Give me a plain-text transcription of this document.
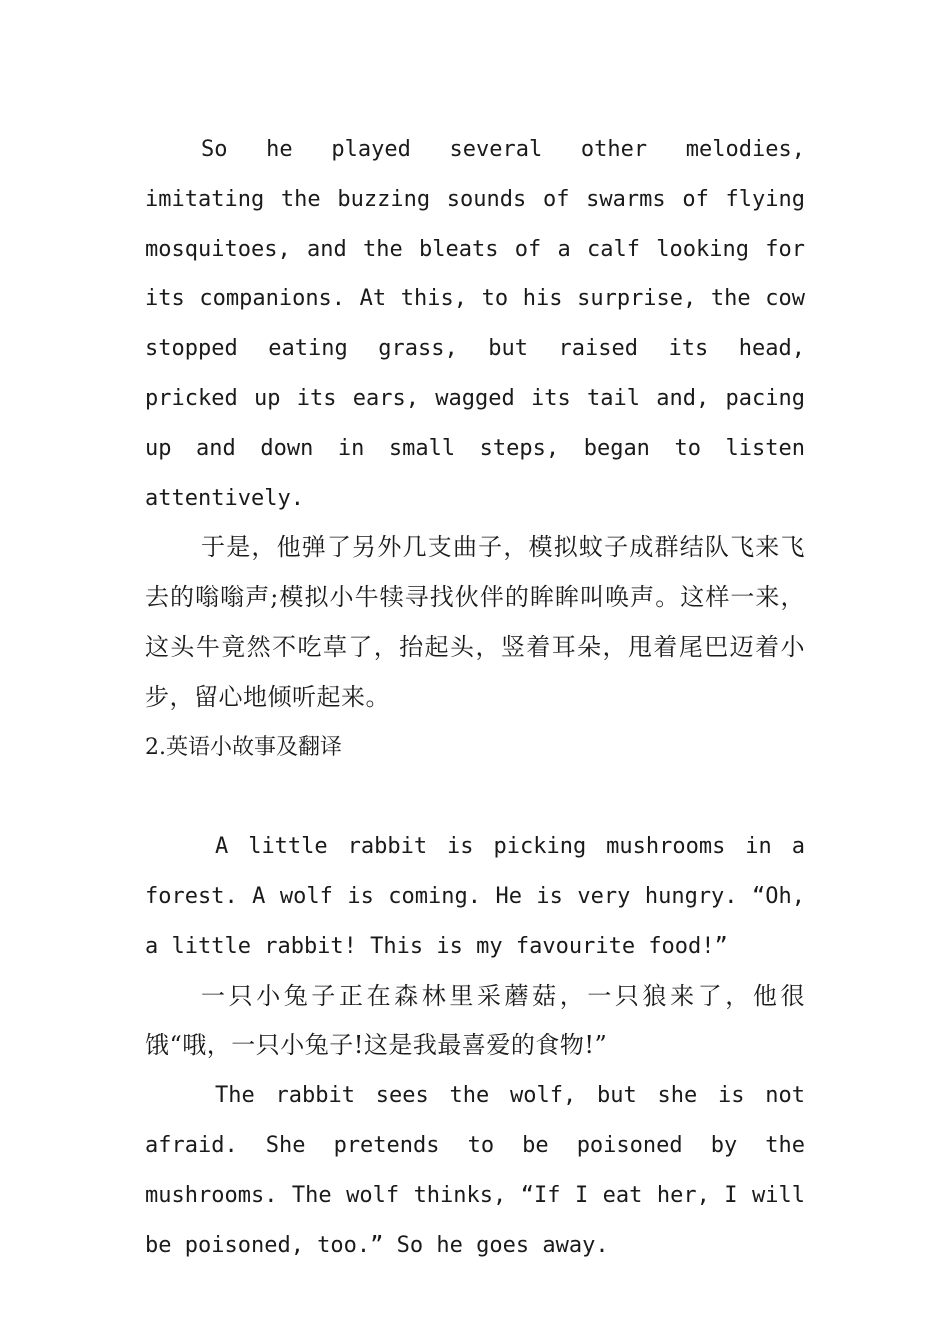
So he played several other melodies, imitating the buzzing sounds of swarms of flying mosquitoes, and the bleats of a calf looking for its companions. At this, to his surprise, the cow stopped eating grass, but raised its head, pricked up its ears, wagged its tail and, pacing up and down in small steps, began to listen attentively.

于是，他弹了另外几支曲子，模拟蚊子成群结队飞来飞去的嗡嗡声;模拟小牛犊寻找伙伴的眸眸叫唤声。这样一来，这头牛竟然不吃草了，抬起头，竖着耳朵，甩着尾巴迈着小步，留心地倾听起来。

2.英语小故事及翻译

A little rabbit is picking mushrooms in a forest. A wolf is coming. He is very hungry. “Oh, a little rabbit! This is my favourite food!”

一只小兔子正在森林里采蘑菇，一只狼来了，他很饿“哦，一只小兔子!这是我最喜爱的食物!”

The rabbit sees the wolf, but she is not afraid. She pretends to be poisoned by the mushrooms. The wolf thinks, “If I eat her, I will be poisoned, too.” So he goes away.
